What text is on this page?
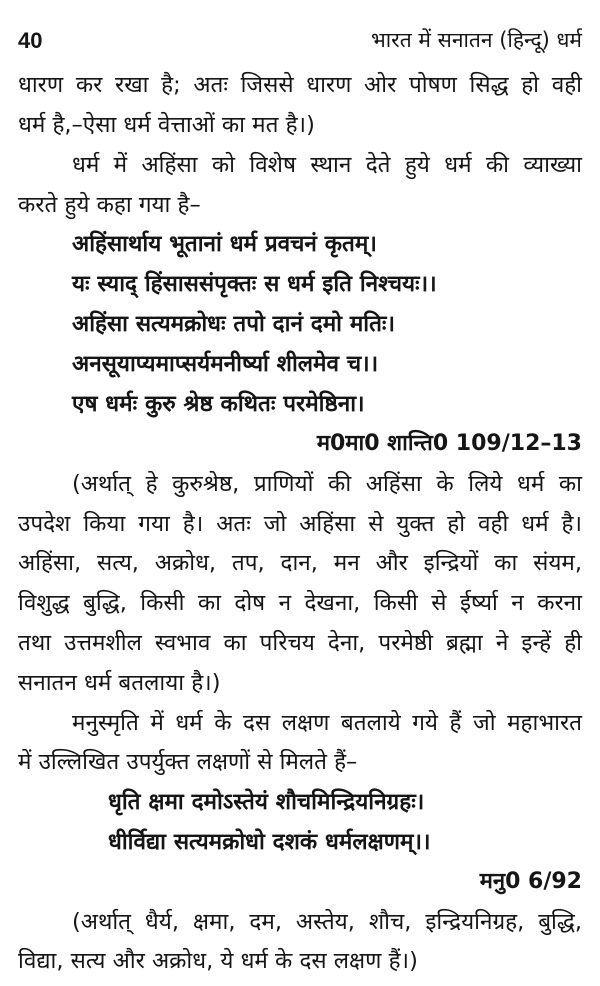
40	भारत में सनातन (हिन्दू) धर्म
धारण कर रखा है; अतः जिससे धारण ओर पोषण सिद्ध हो वही
धर्म है,–ऐसा धर्म वेत्ताओं का मत है।)
धर्म में अहिंसा को विशेष स्थान देते हुये धर्म की व्याख्या
करते हुये कहा गया है–
अहिंसार्थाय भूतानां धर्म प्रवचनं कृतम्।
यः स्याद् हिंसाससंपृक्तः स धर्म इति निश्चयः।।
अहिंसा सत्यमक्रोधः तपो दानं दमो मतिः।
अनसूयाप्यमाप्सर्यमनीर्ष्या शीलमेव च।।
एष धर्मः कुरु श्रेष्ठ कथितः परमेष्ठिना।
म0मा0 शान्ति0 109/12–13
(अर्थात् हे कुरुश्रेष्ठ, प्राणियों की अहिंसा के लिये धर्म का
उपदेश किया गया है। अतः जो अहिंसा से युक्त हो वही धर्म है।
अहिंसा, सत्य, अक्रोध, तप, दान, मन और इन्द्रियों का संयम,
विशुद्ध बुद्धि, किसी का दोष न देखना, किसी से ईर्ष्या न करना
तथा उत्तमशील स्वभाव का परिचय देना, परमेष्ठी ब्रह्मा ने इन्हें ही
सनातन धर्म बतलाया है।)
मनुस्मृति में धर्म के दस लक्षण बतलाये गये हैं जो महाभारत
में उल्लिखित उपर्युक्त लक्षणों से मिलते हैं–
धृति क्षमा दमोऽस्तेयं शौचमिन्द्रियनिग्रहः।
धीर्विद्या सत्यमक्रोधो दशकं धर्मलक्षणम्।।
मनु0 6/92
(अर्थात् धैर्य, क्षमा, दम, अस्तेय, शौच, इन्द्रियनिग्रह, बुद्धि,
विद्या, सत्य और अक्रोध, ये धर्म के दस लक्षण हैं।)
